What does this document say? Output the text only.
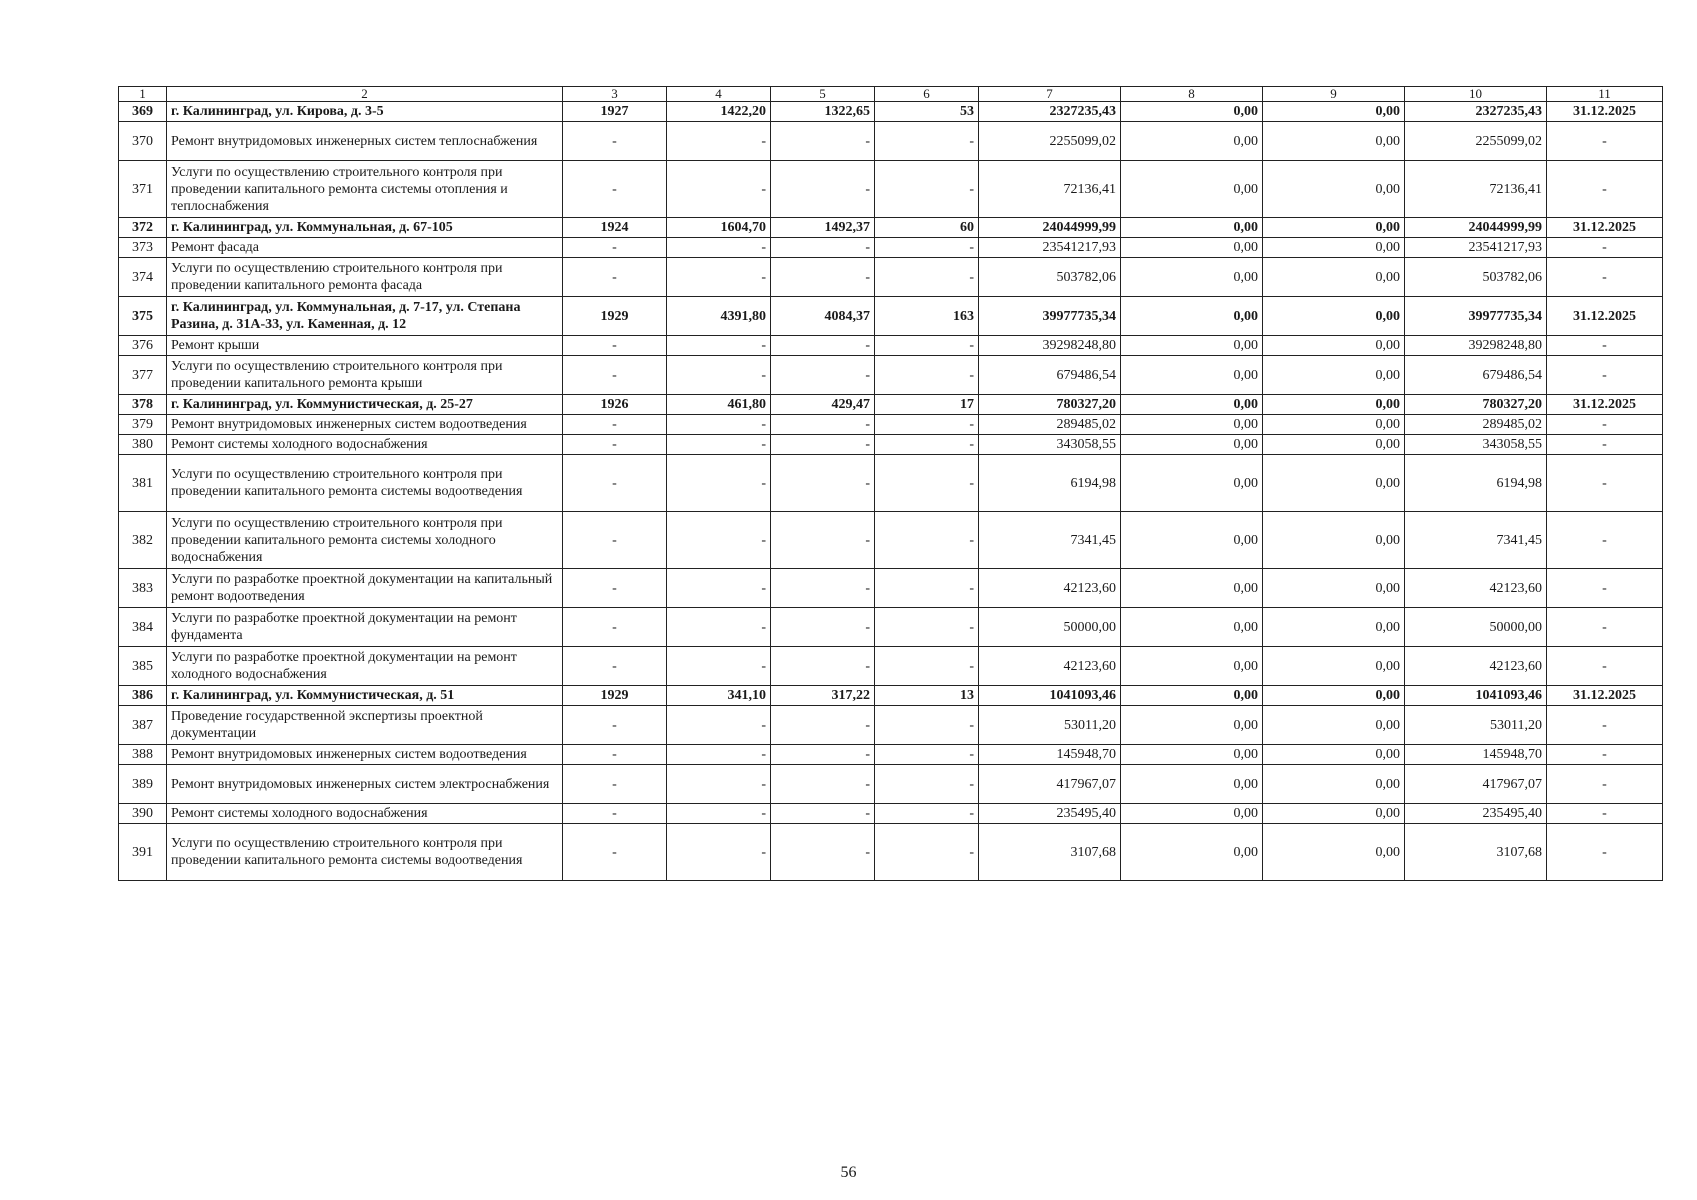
1	2	3	4	5	6	7	8	9	10	11
369	г. Калининград, ул. Кирова, д. 3-5	1927	1422,20	1322,65	53	2327235,43	0,00	0,00	2327235,43	31.12.2025
370	Ремонт внутридомовых инженерных систем теплоснабжения	-	-	-	-	2255099,02	0,00	0,00	2255099,02	-
371	Услуги по осуществлению строительного контроля при проведении капитального ремонта системы отопления и теплоснабжения	-	-	-	-	72136,41	0,00	0,00	72136,41	-
372	г. Калининград, ул. Коммунальная, д. 67-105	1924	1604,70	1492,37	60	24044999,99	0,00	0,00	24044999,99	31.12.2025
373	Ремонт фасада	-	-	-	-	23541217,93	0,00	0,00	23541217,93	-
374	Услуги по осуществлению строительного контроля при проведении капитального ремонта фасада	-	-	-	-	503782,06	0,00	0,00	503782,06	-
375	г. Калининград, ул. Коммунальная, д. 7-17, ул. Степана Разина, д. 31А-33, ул. Каменная, д. 12	1929	4391,80	4084,37	163	39977735,34	0,00	0,00	39977735,34	31.12.2025
376	Ремонт крыши	-	-	-	-	39298248,80	0,00	0,00	39298248,80	-
377	Услуги по осуществлению строительного контроля при проведении капитального ремонта крыши	-	-	-	-	679486,54	0,00	0,00	679486,54	-
378	г. Калининград, ул. Коммунистическая, д. 25-27	1926	461,80	429,47	17	780327,20	0,00	0,00	780327,20	31.12.2025
379	Ремонт внутридомовых инженерных систем водоотведения	-	-	-	-	289485,02	0,00	0,00	289485,02	-
380	Ремонт системы холодного водоснабжения	-	-	-	-	343058,55	0,00	0,00	343058,55	-
381	Услуги по осуществлению строительного контроля при проведении капитального ремонта системы водоотведения	-	-	-	-	6194,98	0,00	0,00	6194,98	-
382	Услуги по осуществлению строительного контроля при проведении капитального ремонта системы холодного водоснабжения	-	-	-	-	7341,45	0,00	0,00	7341,45	-
383	Услуги по разработке проектной документации на капитальный ремонт водоотведения	-	-	-	-	42123,60	0,00	0,00	42123,60	-
384	Услуги по разработке проектной документации на ремонт фундамента	-	-	-	-	50000,00	0,00	0,00	50000,00	-
385	Услуги по разработке проектной документации на ремонт холодного водоснабжения	-	-	-	-	42123,60	0,00	0,00	42123,60	-
386	г. Калининград, ул. Коммунистическая, д. 51	1929	341,10	317,22	13	1041093,46	0,00	0,00	1041093,46	31.12.2025
387	Проведение государственной экспертизы проектной документации	-	-	-	-	53011,20	0,00	0,00	53011,20	-
388	Ремонт внутридомовых инженерных систем водоотведения	-	-	-	-	145948,70	0,00	0,00	145948,70	-
389	Ремонт внутридомовых инженерных систем электроснабжения	-	-	-	-	417967,07	0,00	0,00	417967,07	-
390	Ремонт системы холодного водоснабжения	-	-	-	-	235495,40	0,00	0,00	235495,40	-
391	Услуги по осуществлению строительного контроля при проведении капитального ремонта системы водоотведения	-	-	-	-	3107,68	0,00	0,00	3107,68	-
56
